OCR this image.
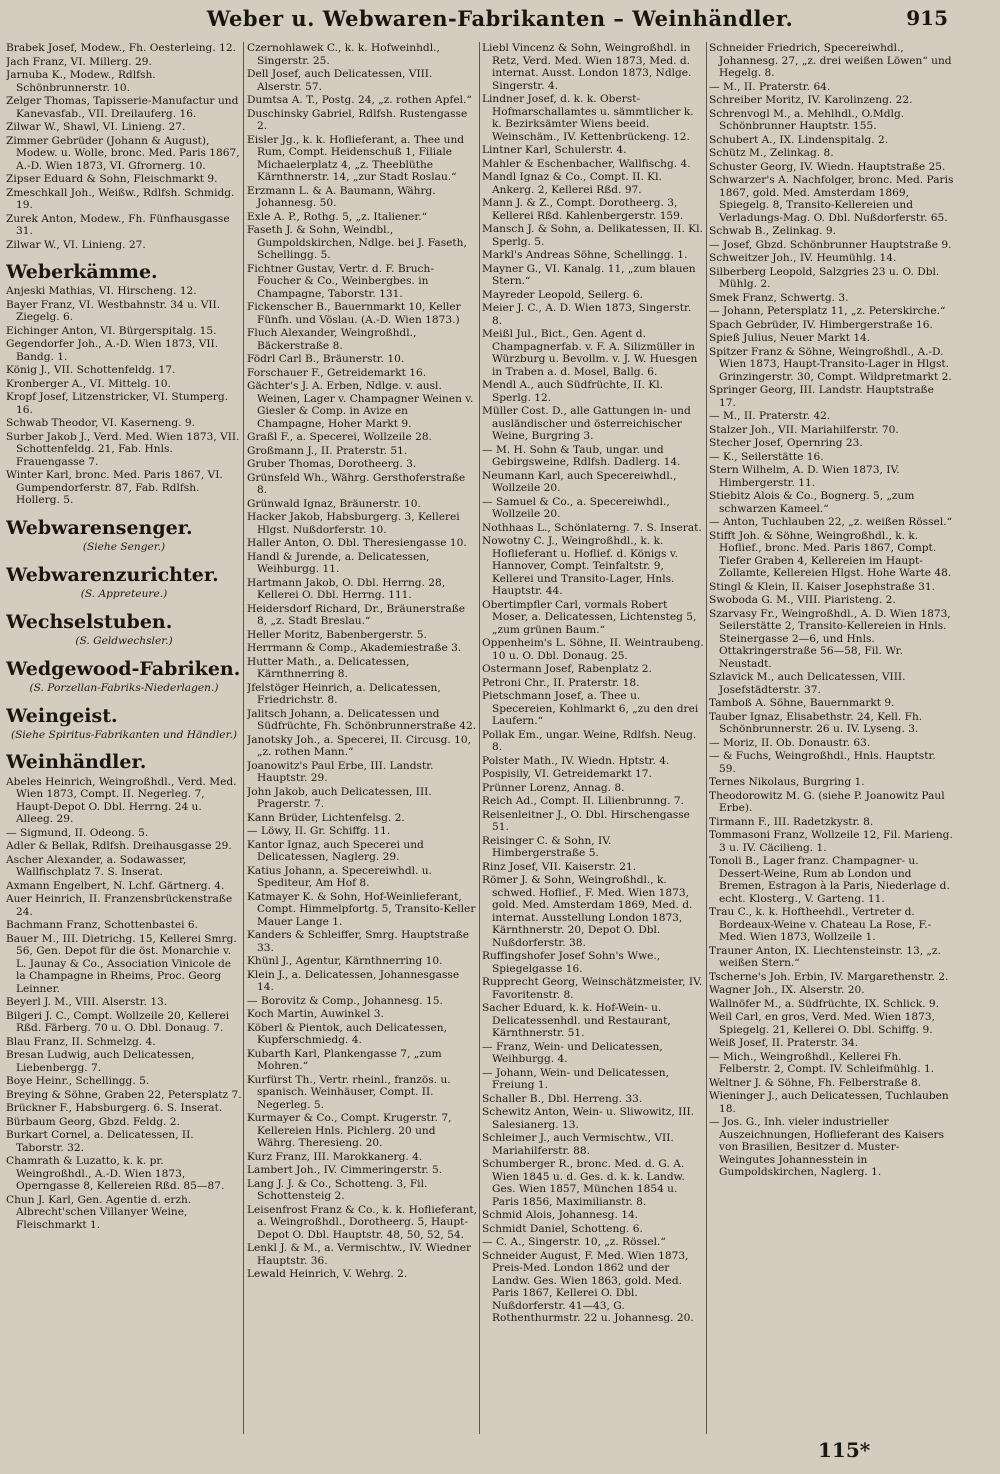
Weber u. Webwaren-Fabrikanten – Weinhändler.	915
Brabek Josef, Modew., Fh. Oesterleing. 12.
Jach Franz, VI. Millerg. 29.
Jarnuba K., Modew., Rdlfsh. Schönbrunnerstr. 10.
Zelger Thomas, Tapisserie-Manufactur und Kanevasfab., VII. Dreilauferg. 16.
Zilwar W., Shawl, VI. Linieng. 27.
Zimmer Gebrüder (Johann & August), Modew. u. Wolle, bronc. Med. Paris 1867, A.-D. Wien 1873, VI. Gfrornerg. 10.
Zipser Eduard & Sohn, Fleischmarkt 9.
Zmeschkall Joh., Weißw., Rdlfsh. Schmidg. 19.
Zurek Anton, Modew., Fh. Fünfhausgasse 31.
Zilwar W., VI. Linieng. 27.
Weberkämme.
Anjeski Mathias, VI. Hirscheng. 12.
Bayer Franz, VI. Westbahnstr. 34 u. VII. Ziegelg. 6.
Eichinger Anton, VI. Bürgerspitalg. 15.
Gegendorfer Joh., A.-D. Wien 1873, VII. Bandg. 1.
König J., VII. Schottenfeldg. 17.
Kronberger A., VI. Mittelg. 10.
Kropf Josef, Litzenstricker, VI. Stumperg. 16.
Schwab Theodor, VI. Kaserneng. 9.
Surber Jakob J., Verd. Med. Wien 1873, VII. Schottenfeldg. 21, Fab. Hnls. Frauengasse 7.
Winter Karl, bronc. Med. Paris 1867, VI. Gumpendorferstr. 87, Fab. Rdlfsh. Hollerg. 5.
Webwarensenger.
(Siehe Senger.)
Webwarenzurichter.
(S. Appreteure.)
Wechselstuben.
(S. Geldwechsler.)
Wedgewood-Fabriken.
(S. Porzellan-Fabriks-Niederlagen.)
Weingeist.
(Siehe Spiritus-Fabrikanten und Händler.)
Weinhändler.
Abeles Heinrich, Weingroßhdl., Verd. Med. Wien 1873, Compt. II. Negerleg. 7, Haupt-Depot O. Dbl. Herrng. 24 u. Alleeg. 29.
— Sigmund, II. Odeong. 5.
Adler & Bellak, Rdlfsh. Dreihausgasse 29.
Ascher Alexander, a. Sodawasser, Wallfischplatz 7. S. Inserat.
Axmann Engelbert, N. Lchf. Gärtnerg. 4.
Auer Heinrich, II. Franzensbrückenstraße 24.
Bachmann Franz, Schottenbastei 6.
Bauer M., III. Dietrichg. 15, Kellerei Smrg. 56, Gen. Depot für die öst. Monarchie v. L. Jaunay & Co., Association Vinicole de la Champagne in Rheims, Proc. Georg Leinner.
Beyerl J. M., VIII. Alserstr. 13.
Bilgeri J. C., Compt. Wollzeile 20, Kellerei Rßd. Färberg. 70 u. O. Dbl. Donaug. 7.
Blau Franz, II. Schmelzg. 4.
Bresan Ludwig, auch Delicatessen, Liebenbergg. 7.
Boye Heinr., Schellingg. 5.
Breying & Söhne, Graben 22, Petersplatz 7.
Brückner F., Habsburgerg. 6. S. Inserat.
Bürbaum Georg, Gbzd. Feldg. 2.
Burkart Cornel, a. Delicatessen, II. Taborstr. 32.
Chamrath & Luzatto, k. k. pr. Weingroßhdl., A.-D. Wien 1873, Operngasse 8, Kellereien Rßd. 85—87.
Chun J. Karl, Gen. Agentie d. erzh. Albrecht'schen Villanyer Weine, Fleischmarkt 1.
Czernohlawek C., k. k. Hofweinhdl., Singerstr. 25.
Dell Josef, auch Delicatessen, VIII. Alserstr. 57.
Dumtsa A. T., Postg. 24, „z. rothen Apfel.“
Duschinsky Gabriel, Rdlfsh. Rustengasse 2.
Eisler Jg., k. k. Hoflieferant, a. Thee und Rum, Compt. Heidenschuß 1, Filiale Michaelerplatz 4, „z. Theeblüthe Kärnthnerstr. 14, „zur Stadt Roslau.“
Erzmann L. & A. Baumann, Währg. Johannesg. 50.
Exle A. P., Rothg. 5, „z. Italiener.“
Faseth J. & Sohn, Weindbl., Gumpoldskirchen, Ndlge. bei J. Faseth, Schellingg. 5.
Fichtner Gustav, Vertr. d. F. Bruch-Foucher & Co., Weinbergbes. in Champagne, Taborstr. 131.
Fickenscher B., Bauernmarkt 10, Keller Fünfh. und Vöslau. (A.-D. Wien 1873.)
Fluch Alexander, Weingroßhdl., Bäckerstraße 8.
Födrl Carl B., Bräunerstr. 10.
Forschauer F., Getreidemarkt 16.
Gächter's J. A. Erben, Ndlge. v. ausl. Weinen, Lager v. Champagner Weinen v. Giesler & Comp. in Avize en Champagne, Hoher Markt 9.
Graßl F., a. Specerei, Wollzeile 28.
Großmann J., II. Praterstr. 51.
Gruber Thomas, Dorotheerg. 3.
Grünsfeld Wh., Währg. Gersthoferstraße 8.
Grünwald Ignaz, Bräunerstr. 10.
Hacker Jakob, Habsburgerg. 3, Kellerei Hlgst. Nußdorferstr. 10.
Haller Anton, O. Dbl. Theresiengasse 10.
Handl & Jurende, a. Delicatessen, Weihburgg. 11.
Hartmann Jakob, O. Dbl. Herrng. 28, Kellerei O. Dbl. Herrng. 111.
Heidersdorf Richard, Dr., Bräunerstraße 8, „z. Stadt Breslau.“
Heller Moritz, Babenbergerstr. 5.
Herrmann & Comp., Akademiestraße 3.
Hutter Math., a. Delicatessen, Kärnthnerring 8.
Jfelstöger Heinrich, a. Delicatessen, Friedrichstr. 8.
Jalitsch Johann, a. Delicatessen und Südfrüchte, Fh. Schönbrunnerstraße 42.
Janotsky Joh., a. Specerei, II. Circusg. 10, „z. rothen Mann.“
Joanowitz's Paul Erbe, III. Landstr. Hauptstr. 29.
John Jakob, auch Delicatessen, III. Pragerstr. 7.
Kann Brüder, Lichtenfelsg. 2.
— Löwy, II. Gr. Schiffg. 11.
Kantor Ignaz, auch Specerei und Delicatessen, Naglerg. 29.
Katius Johann, a. Specereiwhdl. u. Spediteur, Am Hof 8.
Katmayer K. & Sohn, Hof-Weinlieferant, Compt. Himmelpfortg. 5, Transito-Keller Mauer Lange 1.
Kanders & Schleiffer, Smrg. Hauptstraße 33.
Khünl J., Agentur, Kärnthnerring 10.
Klein J., a. Delicatessen, Johannesgasse 14.
— Borovitz & Comp., Johannesg. 15.
Koch Martin, Auwinkel 3.
Köberl & Pientok, auch Delicatessen, Kupferschmiedg. 4.
Kubarth Karl, Plankengasse 7, „zum Mohren.“
Kurfürst Th., Vertr. rheinl., französ. u. spanisch. Weinhäuser, Compt. II. Negerleg. 5.
Kurmayer & Co., Compt. Krugerstr. 7, Kellereien Hnls. Pichlerg. 20 und Währg. Theresieng. 20.
Kurz Franz, III. Marokkanerg. 4.
Lambert Joh., IV. Cimmeringerstr. 5.
Lang J. J. & Co., Schotteng. 3, Fil. Schottensteig 2.
Leisenfrost Franz & Co., k. k. Hoflieferant, a. Weingroßhdl., Dorotheerg. 5, Haupt-Depot O. Dbl. Hauptstr. 48, 50, 52, 54.
Lenkl J. & M., a. Vermischtw., IV. Wiedner Hauptstr. 36.
Lewald Heinrich, V. Wehrg. 2.
Liebl Vincenz & Sohn, Weingroßhdl. in Retz, Verd. Med. Wien 1873, Med. d. internat. Ausst. London 1873, Ndlge. Singerstr. 4.
Lindner Josef, d. k. k. Oberst-Hofmarschallamtes u. sämmtlicher k. k. Bezirksämter Wiens beeid. Weinschäm., IV. Kettenbrückeng. 12.
Lintner Karl, Schulerstr. 4.
Mahler & Eschenbacher, Wallfischg. 4.
Mandl Ignaz & Co., Compt. II. Kl. Ankerg. 2, Kellerei Rßd. 97.
Mann J. & Z., Compt. Dorotheerg. 3, Kellerei Rßd. Kahlenbergerstr. 159.
Mansch J. & Sohn, a. Delikatessen, II. Kl. Sperlg. 5.
Markl's Andreas Söhne, Schellingg. 1.
Mayner G., VI. Kanalg. 11, „zum blauen Stern.“
Mayreder Leopold, Seilerg. 6.
Meier J. C., A. D. Wien 1873, Singerstr. 8.
Meißl Jul., Bict., Gen. Agent d. Champagnerfab. v. F. A. Silizmüller in Würzburg u. Bevollm. v. J. W. Huesgen in Traben a. d. Mosel, Ballg. 6.
Mendl A., auch Südfrüchte, II. Kl. Sperlg. 12.
Müller Cost. D., alle Gattungen in- und ausländischer und österreichischer Weine, Burgring 3.
— M. H. Sohn & Taub, ungar. und Gebirgsweine, Rdlfsh. Dadlerg. 14.
Neumann Karl, auch Specereiwhdl., Wollzeile 20.
— Samuel & Co., a. Specereiwhdl., Wollzeile 20.
Nothhaas L., Schönlaterng. 7. S. Inserat.
Nowotny C. J., Weingroßhdl., k. k. Hoflieferant u. Hoflief. d. Königs v. Hannover, Compt. Teinfaltstr. 9, Kellerei und Transito-Lager, Hnls. Hauptstr. 44.
Obertimpfler Carl, vormals Robert Moser, a. Delicatessen, Lichtensteg 5, „zum grünen Baum.“
Oppenheim's L. Söhne, II. Weintraubeng. 10 u. O. Dbl. Donaug. 25.
Ostermann Josef, Rabenplatz 2.
Petroni Chr., II. Praterstr. 18.
Pietschmann Josef, a. Thee u. Specereien, Kohlmarkt 6, „zu den drei Laufern.“
Pollak Em., ungar. Weine, Rdlfsh. Neug. 8.
Polster Math., IV. Wiedn. Hptstr. 4.
Pospisily, VI. Getreidemarkt 17.
Prünner Lorenz, Annag. 8.
Reich Ad., Compt. II. Lilienbrunng. 7.
Reisenleitner J., O. Dbl. Hirschengasse 51.
Reisinger C. & Sohn, IV. Himbergerstraße 5.
Rinz Josef, VII. Kaiserstr. 21.
Römer J. & Sohn, Weingroßhdl., k. schwed. Hoflief., F. Med. Wien 1873, gold. Med. Amsterdam 1869, Med. d. internat. Ausstellung London 1873, Kärnthnerstr. 20, Depot O. Dbl. Nußdorferstr. 38.
Ruffingshofer Josef Sohn's Wwe., Spiegelgasse 16.
Rupprecht Georg, Weinschätzmeister, IV. Favoritenstr. 8.
Sacher Eduard, k. k. Hof-Wein- u. Delicatessenhdl. und Restaurant, Kärnthnerstr. 51.
— Franz, Wein- und Delicatessen, Weihburgg. 4.
— Johann, Wein- und Delicatessen, Freiung 1.
Schaller B., Dbl. Herreng. 33.
Schewitz Anton, Wein- u. Sliwowitz, III. Salesianerg. 13.
Schleimer J., auch Vermischtw., VII. Mariahilferstr. 88.
Schumberger R., bronc. Med. d. G. A. Wien 1845 u. d. Ges. d. k. k. Landw. Ges. Wien 1857, München 1854 u. Paris 1856, Maximilianstr. 8.
Schmid Alois, Johannesg. 14.
Schmidt Daniel, Schotteng. 6.
— C. A., Singerstr. 10, „z. Rössel.“
Schneider August, F. Med. Wien 1873, Preis-Med. London 1862 und der Landw. Ges. Wien 1863, gold. Med. Paris 1867, Kellerei O. Dbl. Nußdorferstr. 41—43, G. Rothenthurmstr. 22 u. Johannesg. 20.
Schneider Friedrich, Specereiwhdl., Johannesg. 27, „z. drei weißen Löwen“ und Hegelg. 8.
— M., II. Praterstr. 64.
Schreiber Moritz, IV. Karolinzeng. 22.
Schrenvogl M., a. Mehlhdl., O.Mdlg. Schönbrunner Hauptstr. 155.
Schubert A., IX. Lindenspitalg. 2.
Schütz M., Zelinkag. 8.
Schuster Georg, IV. Wiedn. Hauptstraße 25.
Schwarzer's A. Nachfolger, bronc. Med. Paris 1867, gold. Med. Amsterdam 1869, Spiegelg. 8, Transito-Kellereien und Verladungs-Mag. O. Dbl. Nußdorferstr. 65.
Schwab B., Zelinkag. 9.
— Josef, Gbzd. Schönbrunner Hauptstraße 9.
Schweitzer Joh., IV. Heumühlg. 14.
Silberberg Leopold, Salzgries 23 u. O. Dbl. Mühlg. 2.
Smek Franz, Schwertg. 3.
— Johann, Petersplatz 11, „z. Peterskirche.“
Spach Gebrüder, IV. Himbergerstraße 16.
Spieß Julius, Neuer Markt 14.
Spitzer Franz & Söhne, Weingroßhdl., A.-D. Wien 1873, Haupt-Transito-Lager in Hlgst. Grinzingerstr. 30, Compt. Wildpretmarkt 2.
Springer Georg, III. Landstr. Hauptstraße 17.
— M., II. Praterstr. 42.
Stalzer Joh., VII. Mariahilferstr. 70.
Stecher Josef, Opernring 23.
— K., Seilerstätte 16.
Stern Wilhelm, A. D. Wien 1873, IV. Himbergerstr. 11.
Stiebitz Alois & Co., Bognerg. 5, „zum schwarzen Kameel.“
— Anton, Tuchlauben 22, „z. weißen Rössel.“
Stifft Joh. & Söhne, Weingroßhdl., k. k. Hoflief., bronc. Med. Paris 1867, Compt. Tiefer Graben 4, Kellereien im Haupt-Zollamte, Kellereien Hlgst. Hohe Warte 48.
Stingl & Klein, II. Kaiser Josephstraße 31.
Swoboda G. M., VIII. Piaristeng. 2.
Szarvasy Fr., Weingroßhdl., A. D. Wien 1873, Seilerstätte 2, Transito-Kellereien in Hnls. Steinergasse 2—6, und Hnls. Ottakringerstraße 56—58, Fil. Wr. Neustadt.
Szlavick M., auch Delicatessen, VIII. Josefstädterstr. 37.
Tamboß A. Söhne, Bauernmarkt 9.
Tauber Ignaz, Elisabethstr. 24, Kell. Fh. Schönbrunnerstr. 26 u. IV. Lyseng. 3.
— Moriz, II. Ob. Donaustr. 63.
— & Fuchs, Weingroßhdl., Hnls. Hauptstr. 59.
Ternes Nikolaus, Burgring 1.
Theodorowitz M. G. (siehe P. Joanowitz Paul Erbe).
Tirmann F., III. Radetzkystr. 8.
Tommasoni Franz, Wollzeile 12, Fil. Marieng. 3 u. IV. Cäcilieng. 1.
Tonoli B., Lager franz. Champagner- u. Dessert-Weine, Rum ab London und Bremen, Estragon à la Paris, Niederlage d. echt. Klosterg., V. Garteng. 11.
Trau C., k. k. Hoftheehdl., Vertreter d. Bordeaux-Weine v. Chateau La Rose, F.-Med. Wien 1873, Wollzeile 1.
Trauner Anton, IX. Liechtensteinstr. 13, „z. weißen Stern.“
Tscherne's Joh. Erbin, IV. Margarethenstr. 2.
Wagner Joh., IX. Alserstr. 20.
Wallnöfer M., a. Südfrüchte, IX. Schlick. 9.
Weil Carl, en gros, Verd. Med. Wien 1873, Spiegelg. 21, Kellerei O. Dbl. Schiffg. 9.
Weiß Josef, II. Praterstr. 34.
— Mich., Weingroßhdl., Kellerei Fh. Felberstr. 2, Compt. IV. Schleifmühlg. 1.
Weltner J. & Söhne, Fh. Felberstraße 8.
Wieninger J., auch Delicatessen, Tuchlauben 18.
— Jos. G., Inh. vieler industrieller Auszeichnungen, Hoflieferant des Kaisers von Brasilien, Besitzer d. Muster-Weingutes Johannesstein in Gumpoldskirchen, Naglerg. 1.
115*
